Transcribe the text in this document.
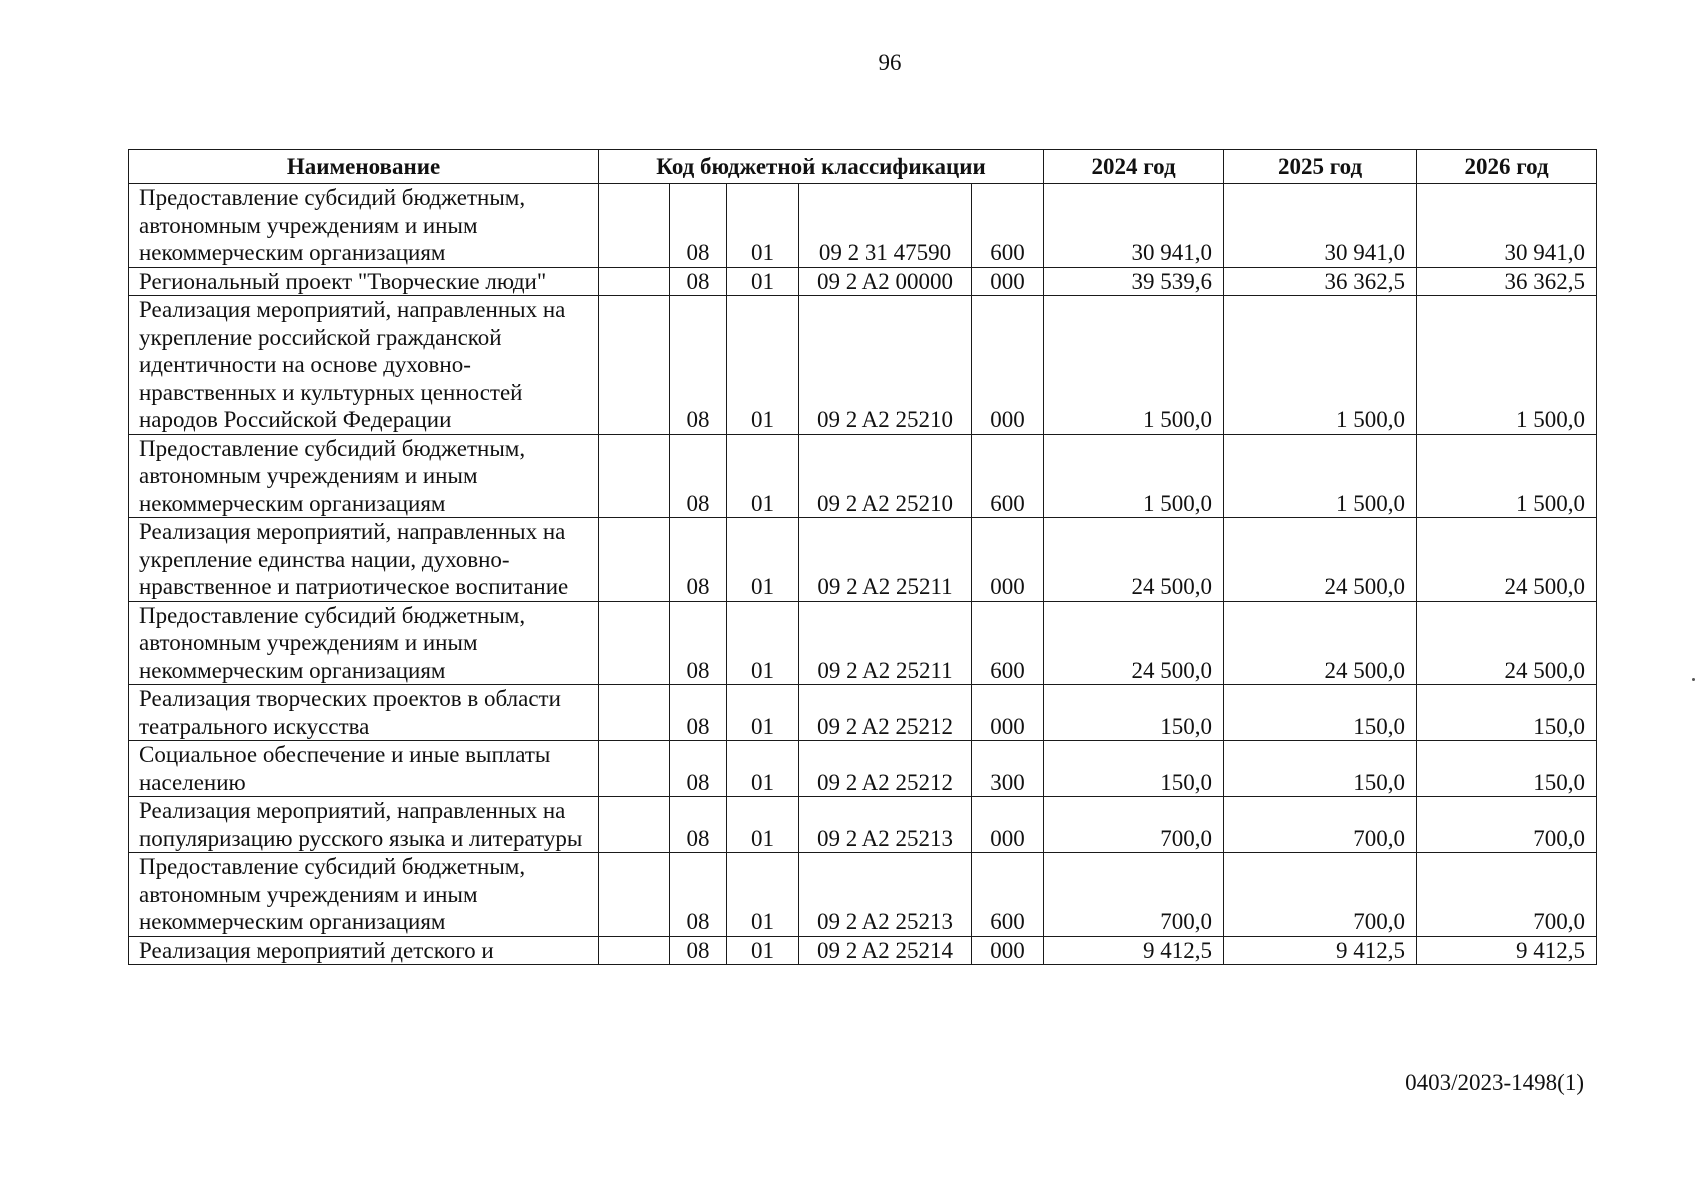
96
Наименование	Код бюджетной классификации					2024 год	2025 год	2026 год
Предоставление субсидий бюджетным, автономным учреждениям и иным некоммерческим организациям		08	01	09 2 31 47590	600	30 941,0	30 941,0	30 941,0
Региональный проект "Творческие люди"		08	01	09 2 A2 00000	000	39 539,6	36 362,5	36 362,5
Реализация мероприятий, направленных на укрепление российской гражданской идентичности на основе духовно-нравственных и культурных ценностей народов Российской Федерации		08	01	09 2 A2 25210	000	1 500,0	1 500,0	1 500,0
Предоставление субсидий бюджетным, автономным учреждениям и иным некоммерческим организациям		08	01	09 2 A2 25210	600	1 500,0	1 500,0	1 500,0
Реализация мероприятий, направленных на укрепление единства нации, духовно-нравственное и патриотическое воспитание		08	01	09 2 A2 25211	000	24 500,0	24 500,0	24 500,0
Предоставление субсидий бюджетным, автономным учреждениям и иным некоммерческим организациям		08	01	09 2 A2 25211	600	24 500,0	24 500,0	24 500,0
Реализация творческих проектов в области театрального искусства		08	01	09 2 A2 25212	000	150,0	150,0	150,0
Социальное обеспечение и иные выплаты населению		08	01	09 2 A2 25212	300	150,0	150,0	150,0
Реализация мероприятий, направленных на популяризацию русского языка и литературы		08	01	09 2 A2 25213	000	700,0	700,0	700,0
Предоставление субсидий бюджетным, автономным учреждениям и иным некоммерческим организациям		08	01	09 2 A2 25213	600	700,0	700,0	700,0
Реализация мероприятий детского и		08	01	09 2 A2 25214	000	9 412,5	9 412,5	9 412,5
0403/2023-1498(1)
